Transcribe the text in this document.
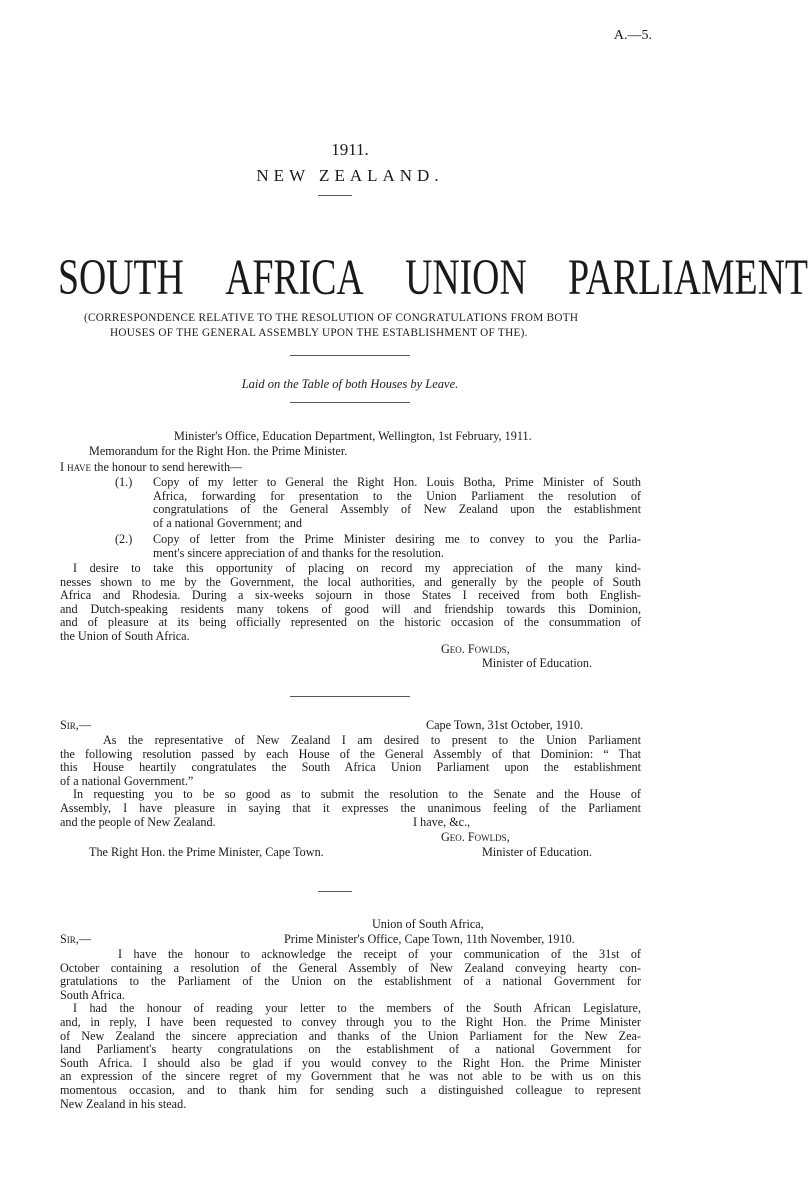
A.—5.
1911.
NEW ZEALAND.
SOUTH AFRICA UNION PARLIAMENT
(CORRESPONDENCE RELATIVE TO THE RESOLUTION OF CONGRATULATIONS FROM BOTH
HOUSES OF THE GENERAL ASSEMBLY UPON THE ESTABLISHMENT OF THE).
Laid on the Table of both Houses by Leave.
Minister's Office, Education Department, Wellington, 1st February, 1911.
Memorandum for the Right Hon. the Prime Minister.
I have the honour to send herewith—
(1.) Copy of my letter to General the Right Hon. Louis Botha, Prime Minister of South
Africa, forwarding for presentation to the Union Parliament the resolution of
congratulations of the General Assembly of New Zealand upon the establishment
of a national Government; and
(2.) Copy of letter from the Prime Minister desiring me to convey to you the Parlia-
ment's sincere appreciation of and thanks for the resolution.
I desire to take this opportunity of placing on record my appreciation of the many kind-
nesses shown to me by the Government, the local authorities, and generally by the people of South
Africa and Rhodesia. During a six-weeks sojourn in those States I received from both English-
and Dutch-speaking residents many tokens of good will and friendship towards this Dominion,
and of pleasure at its being officially represented on the historic occasion of the consummation of
the Union of South Africa.
Geo. Fowlds,
Minister of Education.
Sir,—	Cape Town, 31st October, 1910.
As the representative of New Zealand I am desired to present to the Union Parliament
the following resolution passed by each House of the General Assembly of that Dominion: “ That
this House heartily congratulates the South Africa Union Parliament upon the establishment
of a national Government.”
In requesting you to be so good as to submit the resolution to the Senate and the House of
Assembly, I have pleasure in saying that it expresses the unanimous feeling of the Parliament
and the people of New Zealand.	I have, &c.,
Geo. Fowlds,
The Right Hon. the Prime Minister, Cape Town.	Minister of Education.
Union of South Africa,
Sir,—	Prime Minister's Office, Cape Town, 11th November, 1910.
I have the honour to acknowledge the receipt of your communication of the 31st of
October containing a resolution of the General Assembly of New Zealand conveying hearty con-
gratulations to the Parliament of the Union on the establishment of a national Government for
South Africa.
I had the honour of reading your letter to the members of the South African Legislature,
and, in reply, I have been requested to convey through you to the Right Hon. the Prime Minister
of New Zealand the sincere appreciation and thanks of the Union Parliament for the New Zea-
land Parliament's hearty congratulations on the establishment of a national Government for
South Africa. I should also be glad if you would convey to the Right Hon. the Prime Minister
an expression of the sincere regret of my Government that he was not able to be with us on this
momentous occasion, and to thank him for sending such a distinguished colleague to represent
New Zealand in his stead.
